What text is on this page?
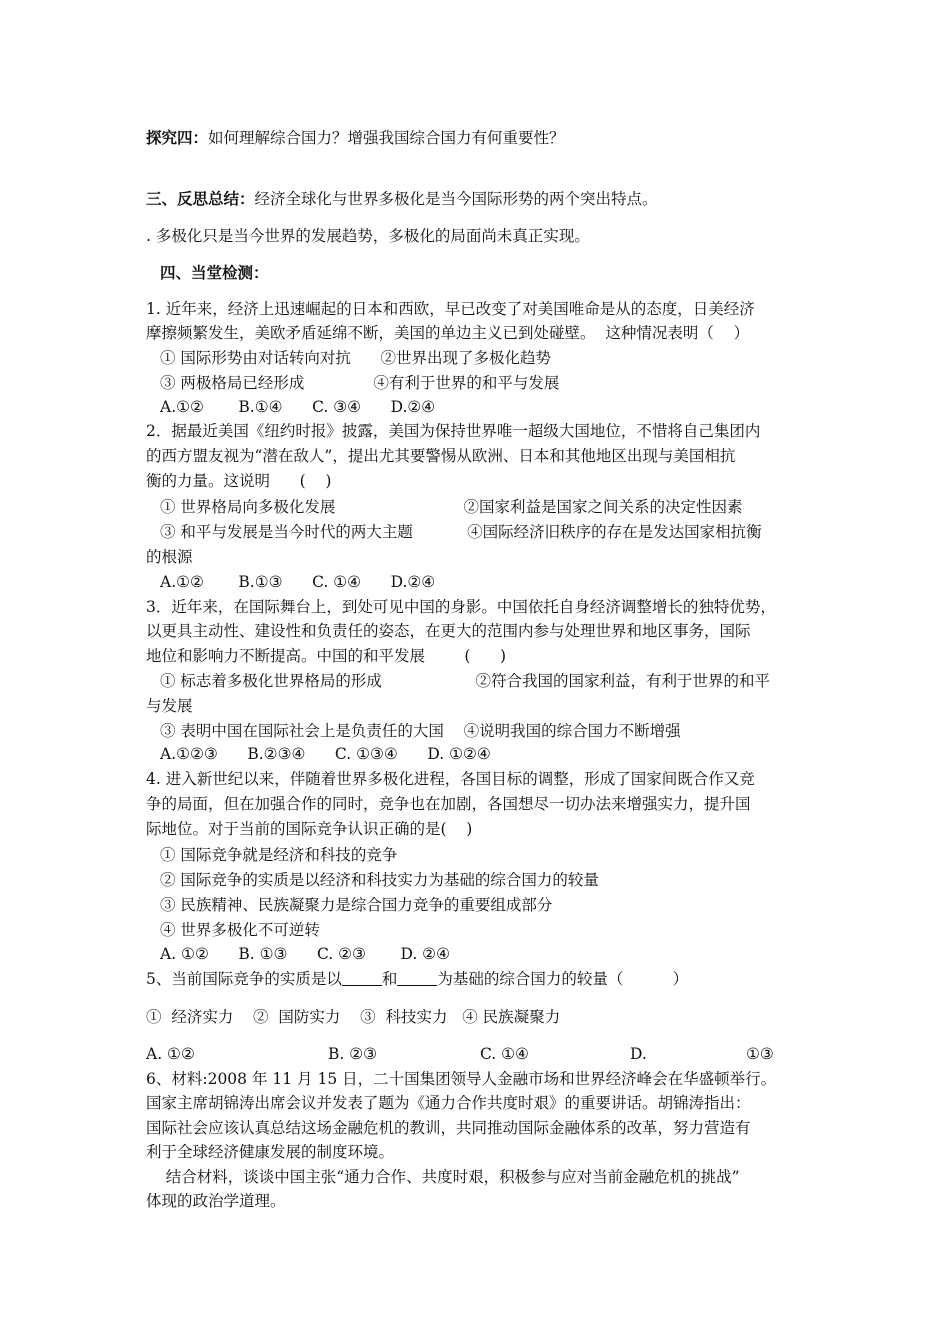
探究四：如何理解综合国力？增强我国综合国力有何重要性？
三、反思总结：经济全球化与世界多极化是当今国际形势的两个突出特点。
. 多极化只是当今世界的发展趋势，多极化的局面尚未真正实现。
四、当堂检测：
1. 近年来，经济上迅速崛起的日本和西欧，早已改变了对美国唯命是从的态度，日美经济
摩擦频繁发生，美欧矛盾延绵不断，美国的单边主义已到处碰壁。  这种情况表明（    ）
① 国际形势由对话转向对抗      ②世界出现了多极化趋势
③ 两极格局已经形成              ④有利于世界的和平与发展
A.①②       B.①④      C. ③④      D.②④
2．据最近美国《纽约时报》披露，美国为保持世界唯一超级大国地位，不惜将自己集团内
的西方盟友视为“潜在敌人”，提出尤其要警惕从欧洲、日本和其他地区出现与美国相抗
衡的力量。这说明      (    )
① 世界格局向多极化发展                          ②国家利益是国家之间关系的决定性因素
③ 和平与发展是当今时代的两大主题           ④国际经济旧秩序的存在是发达国家相抗衡
的根源
A.①②       B.①③      C. ①④      D.②④
3．近年来，在国际舞台上，到处可见中国的身影。中国依托自身经济调整增长的独特优势，
以更具主动性、建设性和负责任的姿态，在更大的范围内参与处理世界和地区事务，国际
地位和影响力不断提高。中国的和平发展        (      )
① 标志着多极化世界格局的形成                   ②符合我国的国家利益，有利于世界的和平
与发展
③ 表明中国在国际社会上是负责任的大国    ④说明我国的综合国力不断增强
A.①②③      B.②③④      C. ①③④      D. ①②④
4. 进入新世纪以来，伴随着世界多极化进程，各国目标的调整，形成了国家间既合作又竞
争的局面，但在加强合作的同时，竞争也在加剧，各国想尽一切办法来增强实力，提升国
际地位。对于当前的国际竞争认识正确的是(    )
① 国际竞争就是经济和科技的竞争
② 国际竞争的实质是以经济和科技实力为基础的综合国力的较量
③ 民族精神、民族凝聚力是综合国力竞争的重要组成部分
④ 世界多极化不可逆转
A. ①②      B. ①③      C. ②③       D. ②④
5、当前国际竞争的实质是以	和	为基础的综合国力的较量（          ）
①  经济实力    ②  国防实力    ③  科技实力   ④ 民族凝聚力
A. ①②	B. ②③	C. ①④	D.	①③
6、材料:2008 年 11 月 15 日，二十国集团领导人金融市场和世界经济峰会在华盛顿举行。
国家主席胡锦涛出席会议并发表了题为《通力合作共度时艰》的重要讲话。胡锦涛指出：
国际社会应该认真总结这场金融危机的教训，共同推动国际金融体系的改革，努力营造有
利于全球经济健康发展的制度环境。
结合材料，谈谈中国主张“通力合作、共度时艰，积极参与应对当前金融危机的挑战”
体现的政治学道理。
